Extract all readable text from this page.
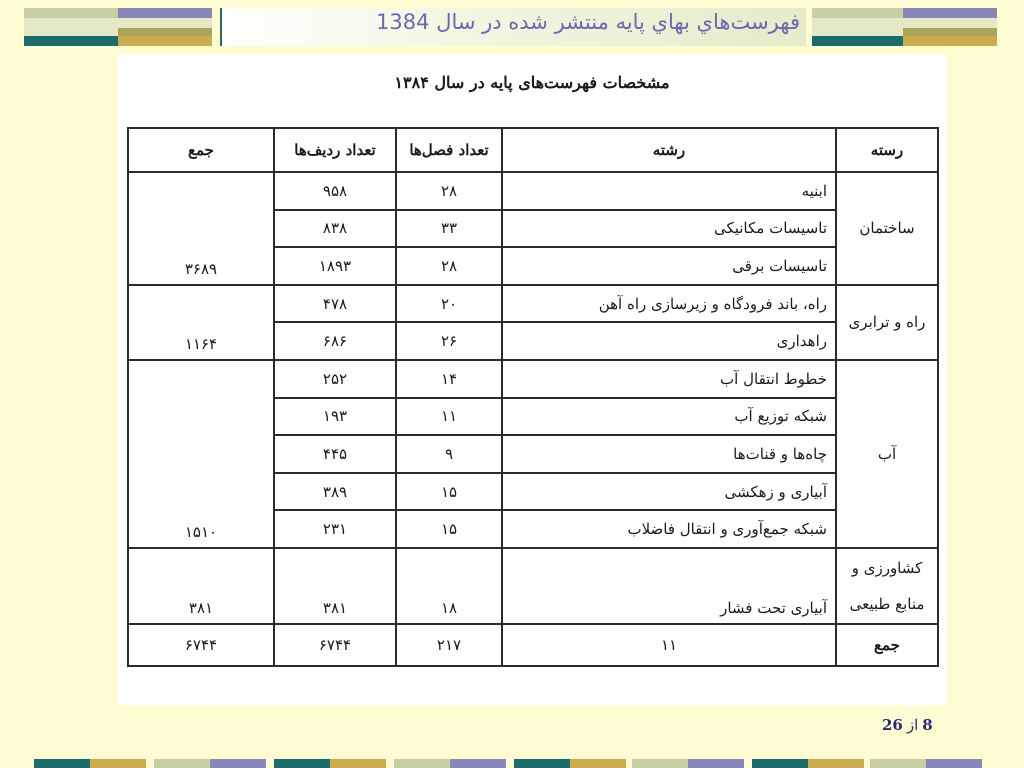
فهرست‌هاي بهاي پايه منتشر شده در سال 1384
مشخصات فهرست‌های پایه در سال ۱۳۸۴
رسته	رشته	تعداد فصل‌ها	تعداد ردیف‌ها	جمع
ساختمان	ابنیه	۲۸	۹۵۸	۳۶۸۹
	تاسیسات مکانیکی	۳۳	۸۳۸	
	تاسیسات برقی	۲۸	۱۸۹۳	
راه و ترابری	راه، باند فرودگاه و زیرسازی راه آهن	۲۰	۴۷۸	۱۱۶۴
	راهداری	۲۶	۶۸۶	
آب	خطوط انتقال آب	۱۴	۲۵۲	۱۵۱۰
	شبکه توزیع آب	۱۱	۱۹۳	
	چاه‌ها و قنات‌ها	۹	۴۴۵	
	آبیاری و زهکشی	۱۵	۳۸۹	
	شبکه جمع‌آوری و انتقال فاضلاب	۱۵	۲۳۱	
کشاورزی و منابع طبیعی	آبیاری تحت فشار	۱۸	۳۸۱	۳۸۱
جمع	۱۱	۲۱۷	۶۷۴۴	۶۷۴۴
8از26
